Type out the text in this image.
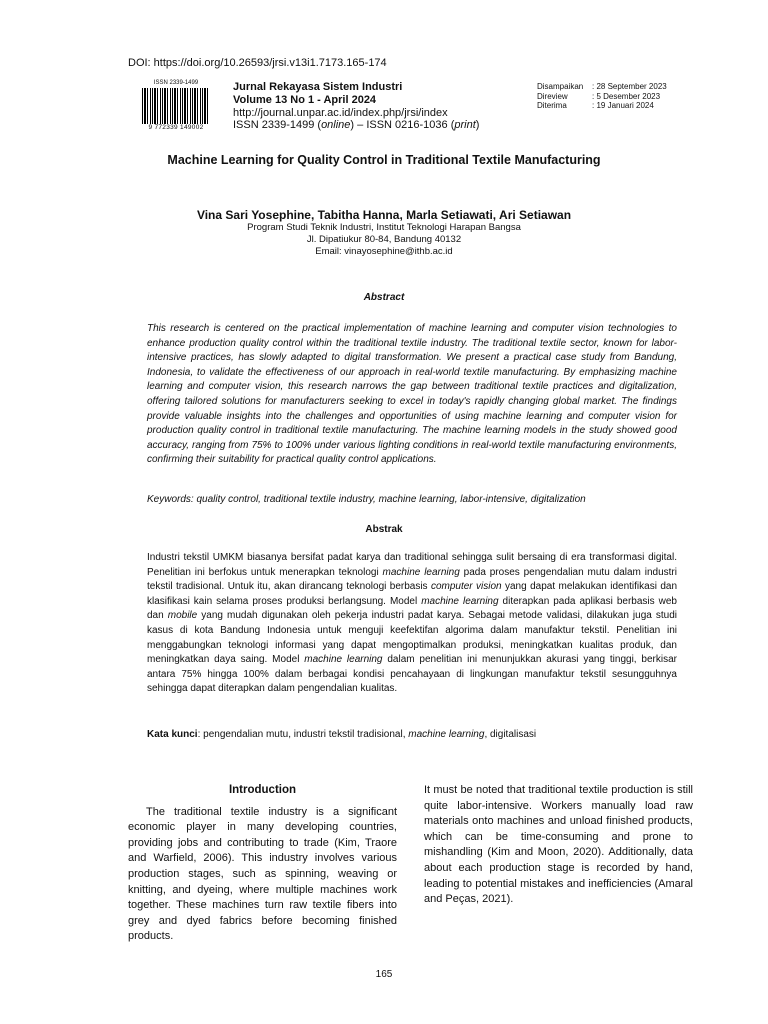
DOI: https://doi.org/10.26593/jrsi.v13i1.7173.165-174
ISSN 2339-1499
9 772339 149002
Jurnal Rekayasa Sistem Industri
Volume 13 No 1 - April 2024
http://journal.unpar.ac.id/index.php/jrsi/index
ISSN 2339-1499 (online) – ISSN 0216-1036 (print)
Disampaikan	: 28 September 2023
Direview	: 5 Desember 2023
Diterima	: 19 Januari 2024
Machine Learning for Quality Control in Traditional Textile Manufacturing
Vina Sari Yosephine, Tabitha Hanna, Marla Setiawati, Ari Setiawan
Program Studi Teknik Industri, Institut Teknologi Harapan Bangsa
Jl. Dipatiukur 80-84, Bandung 40132
Email: vinayosephine@ithb.ac.id
Abstract

This research is centered on the practical implementation of machine learning and computer vision technologies to enhance production quality control within the traditional textile industry. The traditional textile sector, known for labor-intensive practices, has slowly adapted to digital transformation. We present a practical case study from Bandung, Indonesia, to validate the effectiveness of our approach in real-world textile manufacturing. By emphasizing machine learning and computer vision, this research narrows the gap between traditional textile practices and digitalization, offering tailored solutions for manufacturers seeking to excel in today's rapidly changing global market. The findings provide valuable insights into the challenges and opportunities of using machine learning and computer vision for production quality control in traditional textile manufacturing. The machine learning models in the study showed good accuracy, ranging from 75% to 100% under various lighting conditions in real-world textile manufacturing environments, confirming their suitability for practical quality control applications.

Keywords: quality control, traditional textile industry, machine learning, labor-intensive, digitalization
Abstrak

Industri tekstil UMKM biasanya bersifat padat karya dan traditional sehingga sulit bersaing di era transformasi digital. Penelitian ini berfokus untuk menerapkan teknologi machine learning pada proses pengendalian mutu dalam industri tekstil tradisional. Untuk itu, akan dirancang teknologi berbasis computer vision yang dapat melakukan identifikasi dan klasifikasi kain selama proses produksi berlangsung. Model machine learning diterapkan pada aplikasi berbasis web dan mobile yang mudah digunakan oleh pekerja industri padat karya. Sebagai metode validasi, dilakukan juga studi kasus di kota Bandung Indonesia untuk menguji keefektifan algorima dalam manufaktur tekstil. Penelitian ini menggabungkan teknologi informasi yang dapat mengoptimalkan produksi, meningkatkan kualitas produk, dan meningkatkan daya saing. Model machine learning dalam penelitian ini menunjukkan akurasi yang tinggi, berkisar antara 75% hingga 100% dalam berbagai kondisi pencahayaan di lingkungan manufaktur tekstil sesungguhnya sehingga dapat diterapkan dalam pengendalian kualitas.

Kata kunci: pengendalian mutu, industri tekstil tradisional, machine learning, digitalisasi
Introduction

The traditional textile industry is a significant economic player in many developing countries, providing jobs and contributing to trade (Kim, Traore and Warfield, 2006). This industry involves various production stages, such as spinning, weaving or knitting, and dyeing, where multiple machines work together. These machines turn raw textile fibers into grey and dyed fabrics before becoming finished products.

It must be noted that traditional textile production is still quite labor-intensive. Workers manually load raw materials onto machines and unload finished products, which can be time-consuming and prone to mishandling (Kim and Moon, 2020). Additionally, data about each production stage is recorded by hand, leading to potential mistakes and inefficiencies (Amaral and Peças, 2021).

165
